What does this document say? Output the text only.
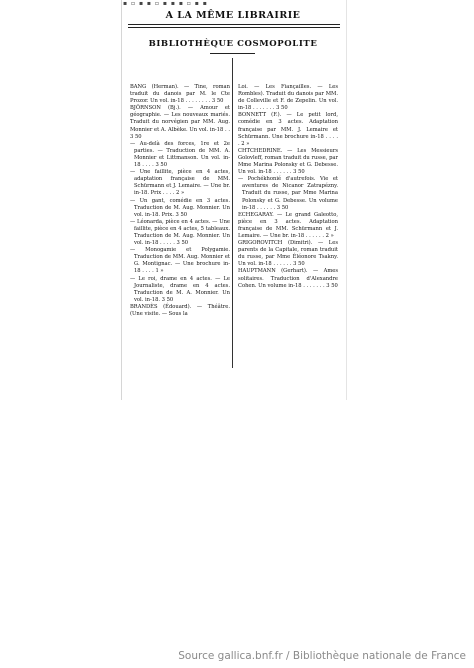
▪ ▫ ▪ ▪ ▫ ▪ ▪ ▪ ▫ ▪ ▪
A LA MÊME LIBRAIRIE
BIBLIOTHÈQUE COSMOPOLITE

BANG (Herman). — Tine, roman traduit du danois par M. le Cte Prozor. Un vol. in-18 . . . . . . . . 3 50

BJÖRNSON (Bj.). — Amour et géographie. — Les nouveaux mariés. Traduit du norvégien par MM. Aug. Monnier et A. Albèke. Un vol. in-18 . . 3 50

— Au-delà des forces, 1re et 2e parties. — Traduction de MM. A. Monnier et Littmanson. Un vol. in-18 . . . . 3 50

— Une faillite, pièce en 4 actes, adaptation française de MM. Schürmann et J. Lemaire. — Une br. in-18. Prix . . . . 2 »

— Un gant, comédie en 3 actes. Traduction de M. Aug. Monnier. Un vol. in-18. Prix. 3 50

— Léonarda, pièce en 4 actes. — Une faillite, pièce en 4 actes, 5 tableaux. Traduction de M. Aug. Monnier. Un vol. in-18 . . . . . 3 50

— Monogamie et Polygamie. Traduction de MM. Aug. Monnier et G. Montignac. — Une brochure in-18 . . . . 1 »

— Le roi, drame en 4 actes. — Le Journaliste, drame en 4 actes. Traduction de M. A. Monnier. Un vol. in-18. 3 50

BRANDÈS (Édouard). — Théâtre. (Une visite. — Sous la

Loi. — Les Fiançailles. — Les Rombles). Traduit du danois par MM. de Colleville et F. de Zepelin. Un vol. in-18 . . . . . . . 3 50

BONNETT (F.). — Le petit lord, comédie en 3 actes. Adaptation française par MM. J. Lemaire et Schürmann. Une brochure in-18 . . . . . 2 »

CHTCHEDRINE. — Les Messieurs Golovleff, roman traduit du russe, par Mme Marina Polonsky et G. Debesse. Un vol. in-18 . . . . . . 3 50

— Pochékhonié d'autrefois. Vie et aventures de Nicanor Zatrapézny. Traduit du russe, par Mme Marina Polonsky et G. Debesse. Un volume in-18 . . . . . . 3 50

ECHEGARAY. — Le grand Galeotto, pièce en 3 actes. Adaptation française de MM. Schürmann et J. Lemaire. — Une br. in-18 . . . . . . 2 »

GRIGOROVITCH (Dimitri). — Les parents de la Capitale, roman traduit du russe, par Mme Éléonore Tsakny. Un vol. in-18 . . . . . . 3 50

HAUPTMANN (Gerhart). — Ames solitaires. Traduction d'Alexandre Cohen. Un volume in-18 . . . . . . . 3 50

Source gallica.bnf.fr / Bibliothèque nationale de France
